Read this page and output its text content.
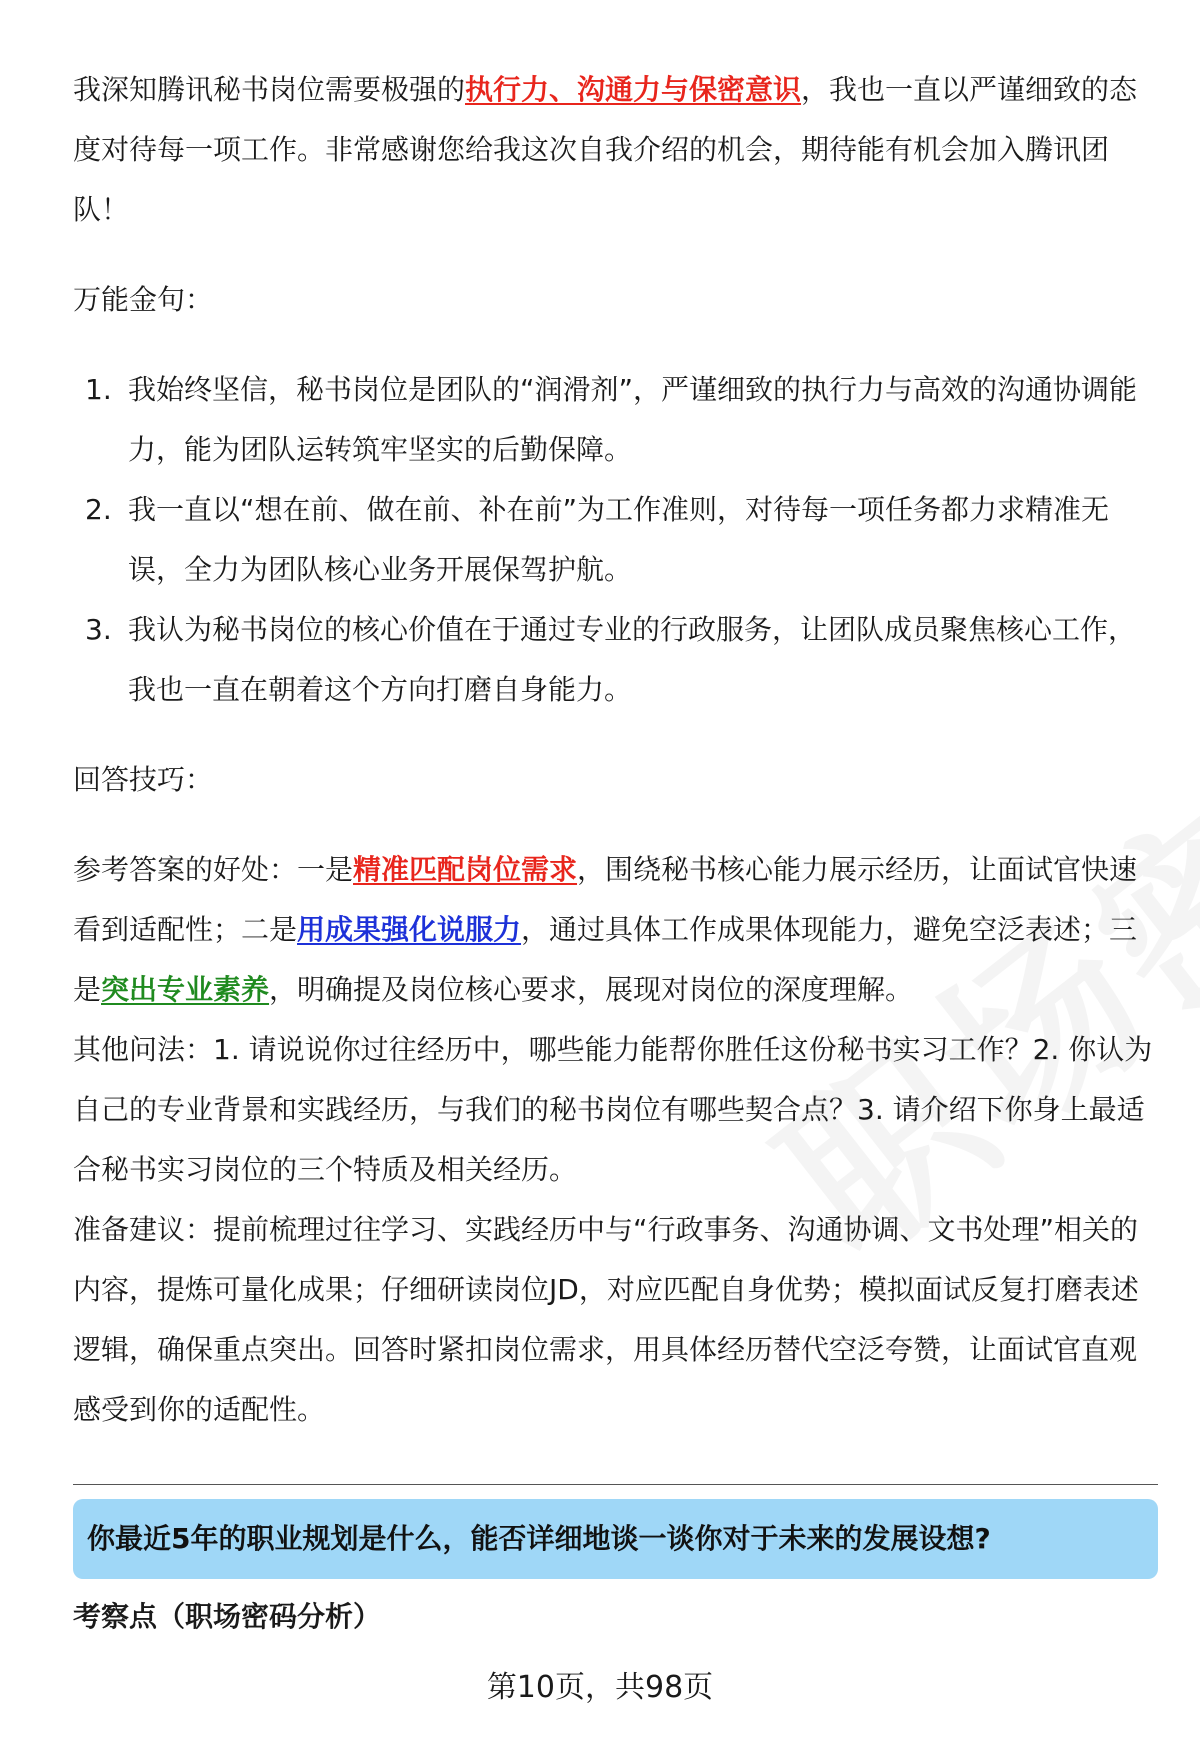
我深知腾讯秘书岗位需要极强的执行力、沟通力与保密意识，我也一直以严谨细致的态度对待每一项工作。非常感谢您给我这次自我介绍的机会，期待能有机会加入腾讯团队！

万能金句：

1. 我始终坚信，秘书岗位是团队的“润滑剂”，严谨细致的执行力与高效的沟通协调能力，能为团队运转筑牢坚实的后勤保障。
2. 我一直以“想在前、做在前、补在前”为工作准则，对待每一项任务都力求精准无误，全力为团队核心业务开展保驾护航。
3. 我认为秘书岗位的核心价值在于通过专业的行政服务，让团队成员聚焦核心工作，我也一直在朝着这个方向打磨自身能力。

回答技巧：

参考答案的好处：一是精准匹配岗位需求，围绕秘书核心能力展示经历，让面试官快速看到适配性；二是用成果强化说服力，通过具体工作成果体现能力，避免空泛表述；三是突出专业素养，明确提及岗位核心要求，展现对岗位的深度理解。

其他问法：1. 请说说你过往经历中，哪些能力能帮你胜任这份秘书实习工作？2. 你认为自己的专业背景和实践经历，与我们的秘书岗位有哪些契合点？3. 请介绍下你身上最适合秘书实习岗位的三个特质及相关经历。

准备建议：提前梳理过往学习、实践经历中与“行政事务、沟通协调、文书处理”相关的内容，提炼可量化成果；仔细研读岗位JD，对应匹配自身优势；模拟面试反复打磨表述逻辑，确保重点突出。回答时紧扣岗位需求，用具体经历替代空泛夸赞，让面试官直观感受到你的适配性。

你最近5年的职业规划是什么，能否详细地谈一谈你对于未来的发展设想?
考察点（职场密码分析）
第10页，共98页
